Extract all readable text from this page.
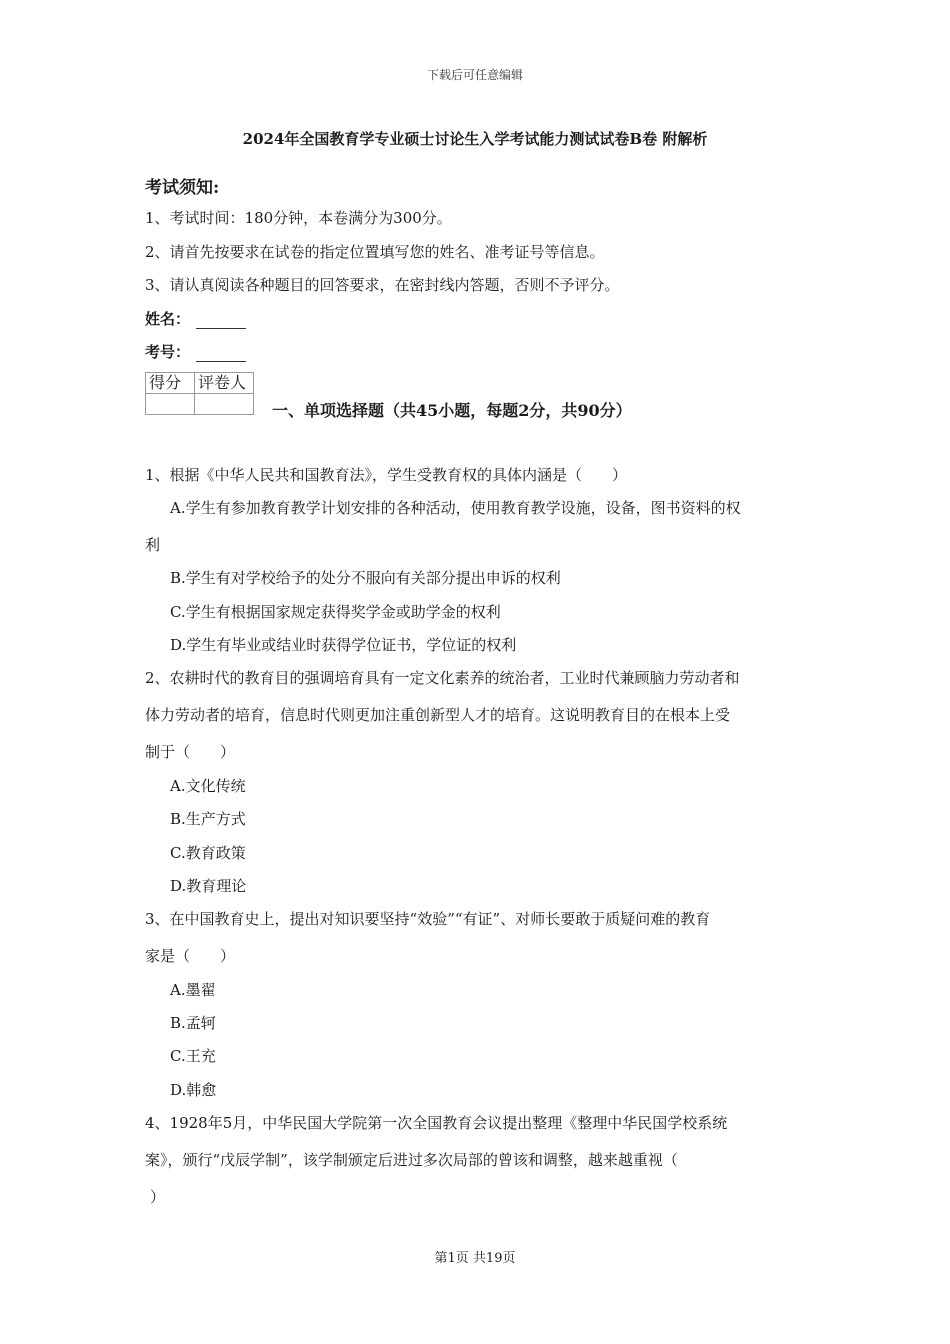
下载后可任意编辑
2024年全国教育学专业硕士讨论生入学考试能力测试试卷B卷 附解析
考试须知:
1、考试时间：180分钟，本卷满分为300分。
2、请首先按要求在试卷的指定位置填写您的姓名、准考证号等信息。
3、请认真阅读各种题目的回答要求，在密封线内答题，否则不予评分。
姓名：
考号：
得分	评卷人

一、单项选择题（共45小题，每题2分，共90分）
1、根据《中华人民共和国教育法》，学生受教育权的具体内涵是（　　）
A.学生有参加教育教学计划安排的各种活动，使用教育教学设施，设备，图书资料的权
利
B.学生有对学校给予的处分不服向有关部分提出申诉的权利
C.学生有根据国家规定获得奖学金或助学金的权利
D.学生有毕业或结业时获得学位证书，学位证的权利
2、农耕时代的教育目的强调培育具有一定文化素养的统治者，工业时代兼顾脑力劳动者和
体力劳动者的培育，信息时代则更加注重创新型人才的培育。这说明教育目的在根本上受
制于（　　）
A.文化传统
B.生产方式
C.教育政策
D.教育理论
3、在中国教育史上，提出对知识要坚持“效验”“有证”、对师长要敢于质疑问难的教育
家是（　　）
A.墨翟
B.孟轲
C.王充
D.韩愈
4、1928年5月，中华民国大学院第一次全国教育会议提出整理《整理中华民国学校系统
案》，颁行“戊辰学制”，该学制颁定后进过多次局部的曾该和调整，越来越重视（
）
第1页 共19页
